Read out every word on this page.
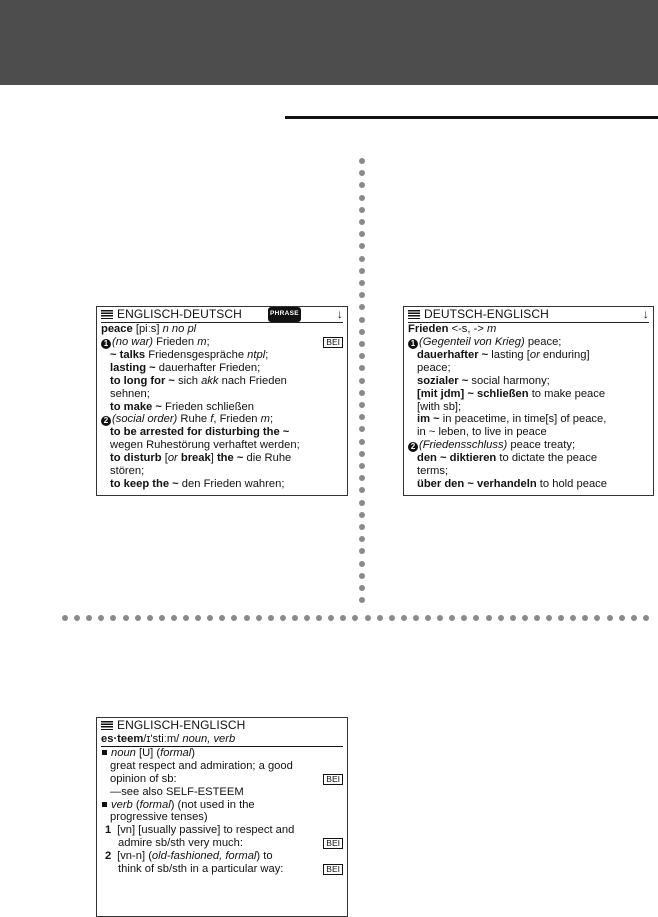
ENGLISCH-DEUTSCH	PHRASE	↓
peace [piːs] n no pl
1 (no war) Frieden m;	BEI
~ talks Friedensgespräche ntpl;
lasting ~ dauerhafter Frieden;
to long for ~ sich akk nach Frieden
sehnen;
to make ~ Frieden schließen
2 (social order) Ruhe f, Frieden m;
to be arrested for disturbing the ~
wegen Ruhestörung verhaftet werden;
to disturb [or break] the ~ die Ruhe
stören;
to keep the ~ den Frieden wahren;
DEUTSCH-ENGLISCH	↓
Frieden <-s, -> m
1 (Gegenteil von Krieg) peace;
dauerhafter ~ lasting [or enduring]
peace;
sozialer ~ social harmony;
[mit jdm] ~ schließen to make peace
[with sb];
im ~ in peacetime, in time[s] of peace,
in ~ leben, to live in peace
2 (Friedensschluss) peace treaty;
den ~ diktieren to dictate the peace
terms;
über den ~ verhandeln to hold peace
ENGLISCH-ENGLISCH
es·teem/ɪ'stiːm/ noun, verb
noun [U] (formal)
great respect and admiration; a good
opinion of sb:	BEI
—see also SELF-ESTEEM
verb (formal) (not used in the
progressive tenses)
1 [vn] [usually passive] to respect and
admire sb/sth very much:	BEI
2 [vn-n] (old-fashioned, formal) to
think of sb/sth in a particular way:	BEI
